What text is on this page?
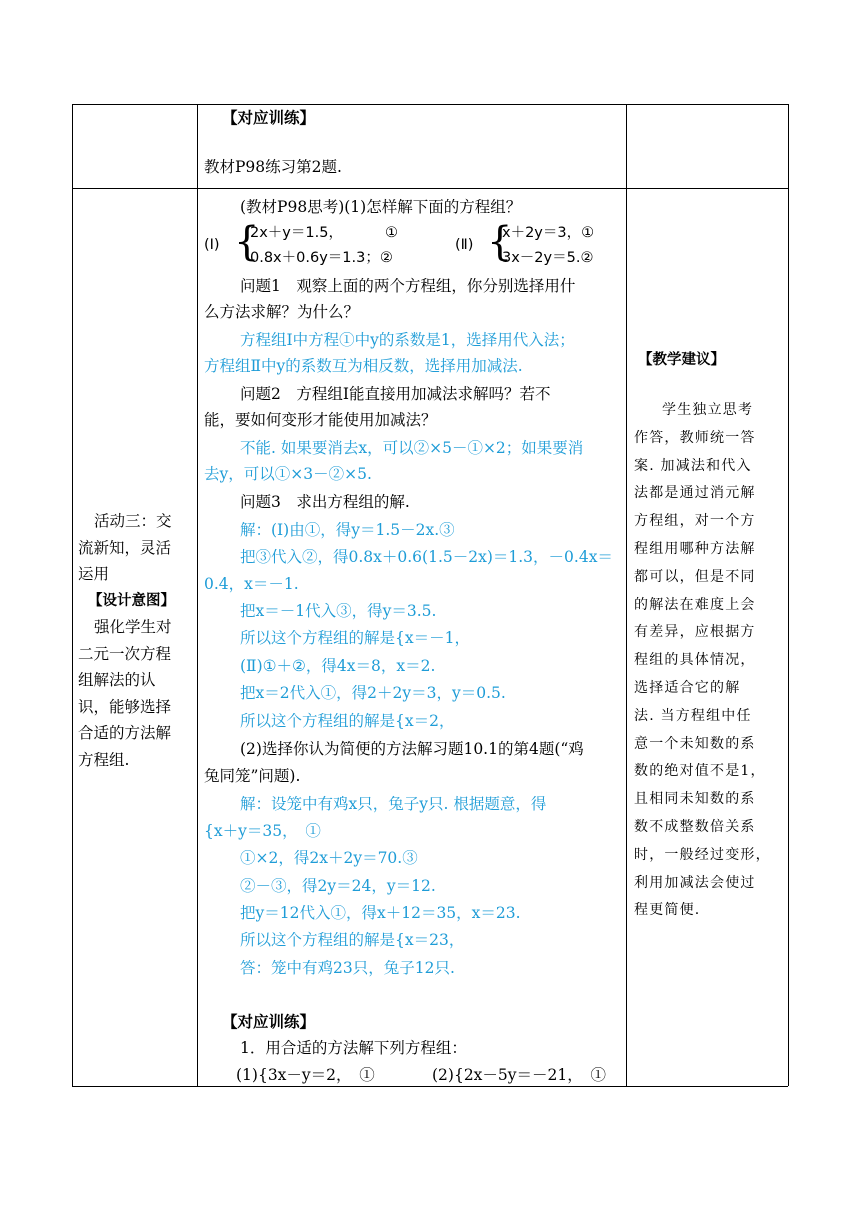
【对应训练】
教材P98练习第2题.
活动三：交
流新知，灵活
运用
【设计意图】
强化学生对
二元一次方程
组解法的认
识，能够选择
合适的方法解
方程组.
【教学建议】
学生独立思考
作答，教师统一答
案. 加减法和代入
法都是通过消元解
方程组，对一个方
程组用哪种方法解
都可以，但是不同
的解法在难度上会
有差异，应根据方
程组的具体情况，
选择适合它的解
法. 当方程组中任
意一个未知数的系
数的绝对值不是1，
且相同未知数的系
数不成整数倍关系
时，一般经过变形，
利用加减法会使过
程更简便.
(教材P98思考)(1)怎样解下面的方程组？
(Ⅰ) {
2x＋y＝1.5，	①
0.8x＋0.6y＝1.3；②
(Ⅱ) {
x＋2y＝3，①
3x－2y＝5.②
问题1　观察上面的两个方程组，你分别选择用什
么方法求解？为什么？
方程组Ⅰ中方程①中y的系数是1，选择用代入法；
方程组Ⅱ中y的系数互为相反数，选择用加减法.
问题2　方程组Ⅰ能直接用加减法求解吗？若不
能，要如何变形才能使用加减法？
不能. 如果要消去x，可以②×5－①×2；如果要消
去y，可以①×3－②×5.
问题3　求出方程组的解.
解：(Ⅰ)由①，得y＝1.5－2x.③
把③代入②，得0.8x＋0.6(1.5－2x)＝1.3，－0.4x＝
0.4，x＝－1.
把x＝－1代入③，得y＝3.5.
所以这个方程组的解是{x＝－1，
(Ⅱ)①＋②，得4x＝8，x＝2.
把x＝2代入①，得2＋2y＝3，y＝0.5.
所以这个方程组的解是{x＝2，
(2)选择你认为简便的方法解习题10.1的第4题(“鸡
兔同笼”问题).
解：设笼中有鸡x只，兔子y只. 根据题意，得
{x＋y＝35，　①
①×2，得2x＋2y＝70.③
②－③，得2y＝24，y＝12.
把y＝12代入①，得x＋12＝35，x＝23.
所以这个方程组的解是{x＝23，
答：笼中有鸡23只，兔子12只.
【对应训练】
1．用合适的方法解下列方程组：
(1){3x－y＝2，　①	(2){2x－5y＝－21，　①
